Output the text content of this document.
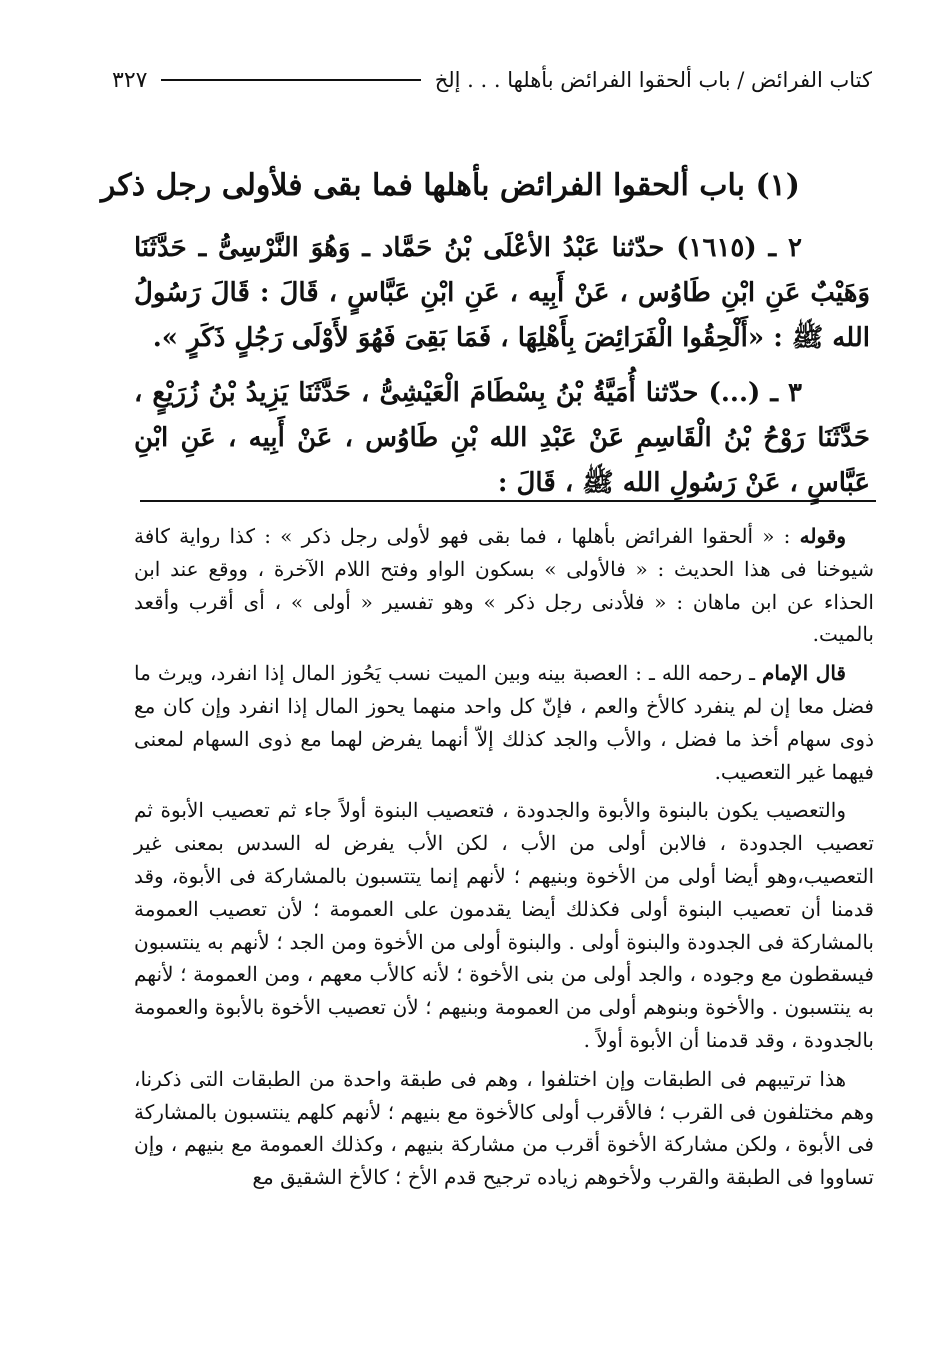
كتاب الفرائض / باب ألحقوا الفرائض بأهلها . . . إلخ
٣٢٧
(١) باب ألحقوا الفرائض بأهلها فما بقى فلأولى رجل ذكر

٢ ـ (١٦١٥) حدّثنا عَبْدُ الأعْلَى بْنُ حَمَّاد ـ وَهُوَ النَّرْسِىُّ ـ حَدَّثَنَا وَهَيْبٌ عَنِ ابْنِ طَاوُس ، عَنْ أَبِيه ، عَنِ ابْنِ عَبَّاسٍ ، قَالَ : قَالَ رَسُولُ الله ﷺ : «أَلْحِقُوا الْفَرَائِضَ بِأَهْلِهَا ، فَمَا بَقِىَ فَهُوَ لأَوْلَى رَجُلٍ ذَكَرٍ ».

٣ ـ (...) حدّثنا أُمَيَّةُ بْنُ بِسْطَامَ الْعَيْشِىُّ ، حَدَّثَنَا يَزِيدُ بْنُ زُرَيْعٍ ، حَدَّثَنَا رَوْحُ بْنُ الْقَاسِمِ عَنْ عَبْدِ الله بْنِ طَاوُس ، عَنْ أَبِيه ، عَنِ ابْنِ عَبَّاسٍ ، عَنْ رَسُولِ الله ﷺ ، قَالَ :

وقوله : « ألحقوا الفرائض بأهلها ، فما بقى فهو لأولى رجل ذكر » : كذا رواية كافة شيوخنا فى هذا الحديث : « فالأولى » بسكون الواو وفتح اللام الآخرة ، ووقع عند ابن الحذاء عن ابن ماهان : « فلأدنى رجل ذكر » وهو تفسير « أولى » ، أى أقرب وأقعد بالميت.

قال الإمام ـ رحمه الله ـ : العصبة بينه وبين الميت نسب يَحُوز المال إذا انفرد، ويرث ما فضل معا إن لم ينفرد كالأخ والعم ، فإنّ كل واحد منهما يحوز المال إذا انفرد وإن كان مع ذوى سهام أخذ ما فضل ، والأب والجد كذلك إلاّ أنهما يفرض لهما مع ذوى السهام لمعنى فيهما غير التعصيب.

والتعصيب يكون بالبنوة والأبوة والجدودة ، فتعصيب البنوة أولاً جاء ثم تعصيب الأبوة ثم تعصيب الجدودة ، فالابن أولى من الأب ، لكن الأب يفرض له السدس بمعنى غير التعصيب،وهو أيضا أولى من الأخوة وبنيهم ؛ لأنهم إنما يتتسبون بالمشاركة فى الأبوة، وقد قدمنا أن تعصيب البنوة أولى فكذلك أيضا يقدمون على العمومة ؛ لأن تعصيب العمومة بالمشاركة فى الجدودة والبنوة أولى . والبنوة أولى من الأخوة ومن الجد ؛ لأنهم به ينتسبون فيسقطون مع وجوده ، والجد أولى من بنى الأخوة ؛ لأنه كالأب معهم ، ومن العمومة ؛ لأنهم به ينتسبون . والأخوة وبنوهم أولى من العمومة وبنيهم ؛ لأن تعصيب الأخوة بالأبوة والعمومة بالجدودة ، وقد قدمنا أن الأبوة أولاً .

هذا ترتيبهم فى الطبقات وإن اختلفوا ، وهم فى طبقة واحدة من الطبقات التى ذكرنا، وهم مختلفون فى القرب ؛ فالأقرب أولى كالأخوة مع بنيهم ؛ لأنهم كلهم ينتسبون بالمشاركة فى الأبوة ، ولكن مشاركة الأخوة أقرب من مشاركة بنيهم ، وكذلك العمومة مع بنيهم ، وإن تساووا فى الطبقة والقرب ولأخوهم زياده ترجيح قدم الأخ ؛ كالأخ الشقيق مع
